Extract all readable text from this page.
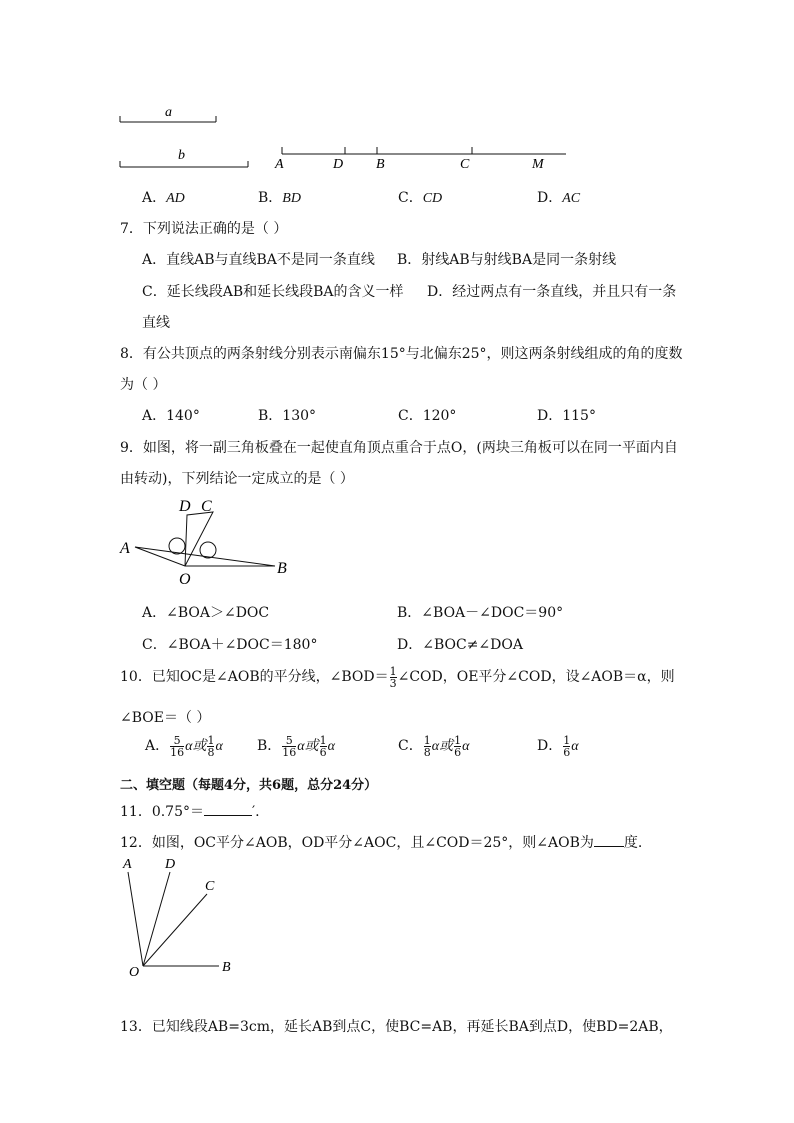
a
b
A	D B	C	M
A．AD	B．BD	C．CD	D．AC
7．下列说法正确的是（ ）
A．直线AB与直线BA不是同一条直线 B．射线AB与射线BA是同一条射线
C．延长线段AB和延长线段BA的含义一样 D．经过两点有一条直线，并且只有一条
直线
8．有公共顶点的两条射线分别表示南偏东15°与北偏东25°，则这两条射线组成的角的度数
为（ ）
A．140°	B．130°	C．120°	D．115°
9．如图，将一副三角板叠在一起使直角顶点重合于点O，(两块三角板可以在同一平面内自
由转动)，下列结论一定成立的是（ ）
D C
A
O
B
A．∠BOA＞∠DOC	B．∠BOA－∠DOC＝90°
C．∠BOA＋∠DOC＝180°	D．∠BOC≠∠DOA
10．已知OC是∠AOB的平分线，∠BOD＝ $\frac{1}{3}$ ∠COD，OE平分∠COD，设∠AOB＝α，则
∠BOE＝（ ）
A． $\frac{5}{16}$ α或 $\frac{1}{8}$ α B． $\frac{5}{16}$ α或 $\frac{1}{6}$ α	C． $\frac{1}{8}$ α或 $\frac{1}{6}$ α	D． $\frac{1}{6}$ α
二、填空题（每题4分，共6题，总分24分）
11．0.75°＝	′.
12．如图，OC平分∠AOB，OD平分∠AOC，且∠COD＝25°，则∠AOB为 度.
A D
C
O	B
13．已知线段AB=3cm，延长AB到点C，使BC=AB，再延长BA到点D，使BD=2AB，
